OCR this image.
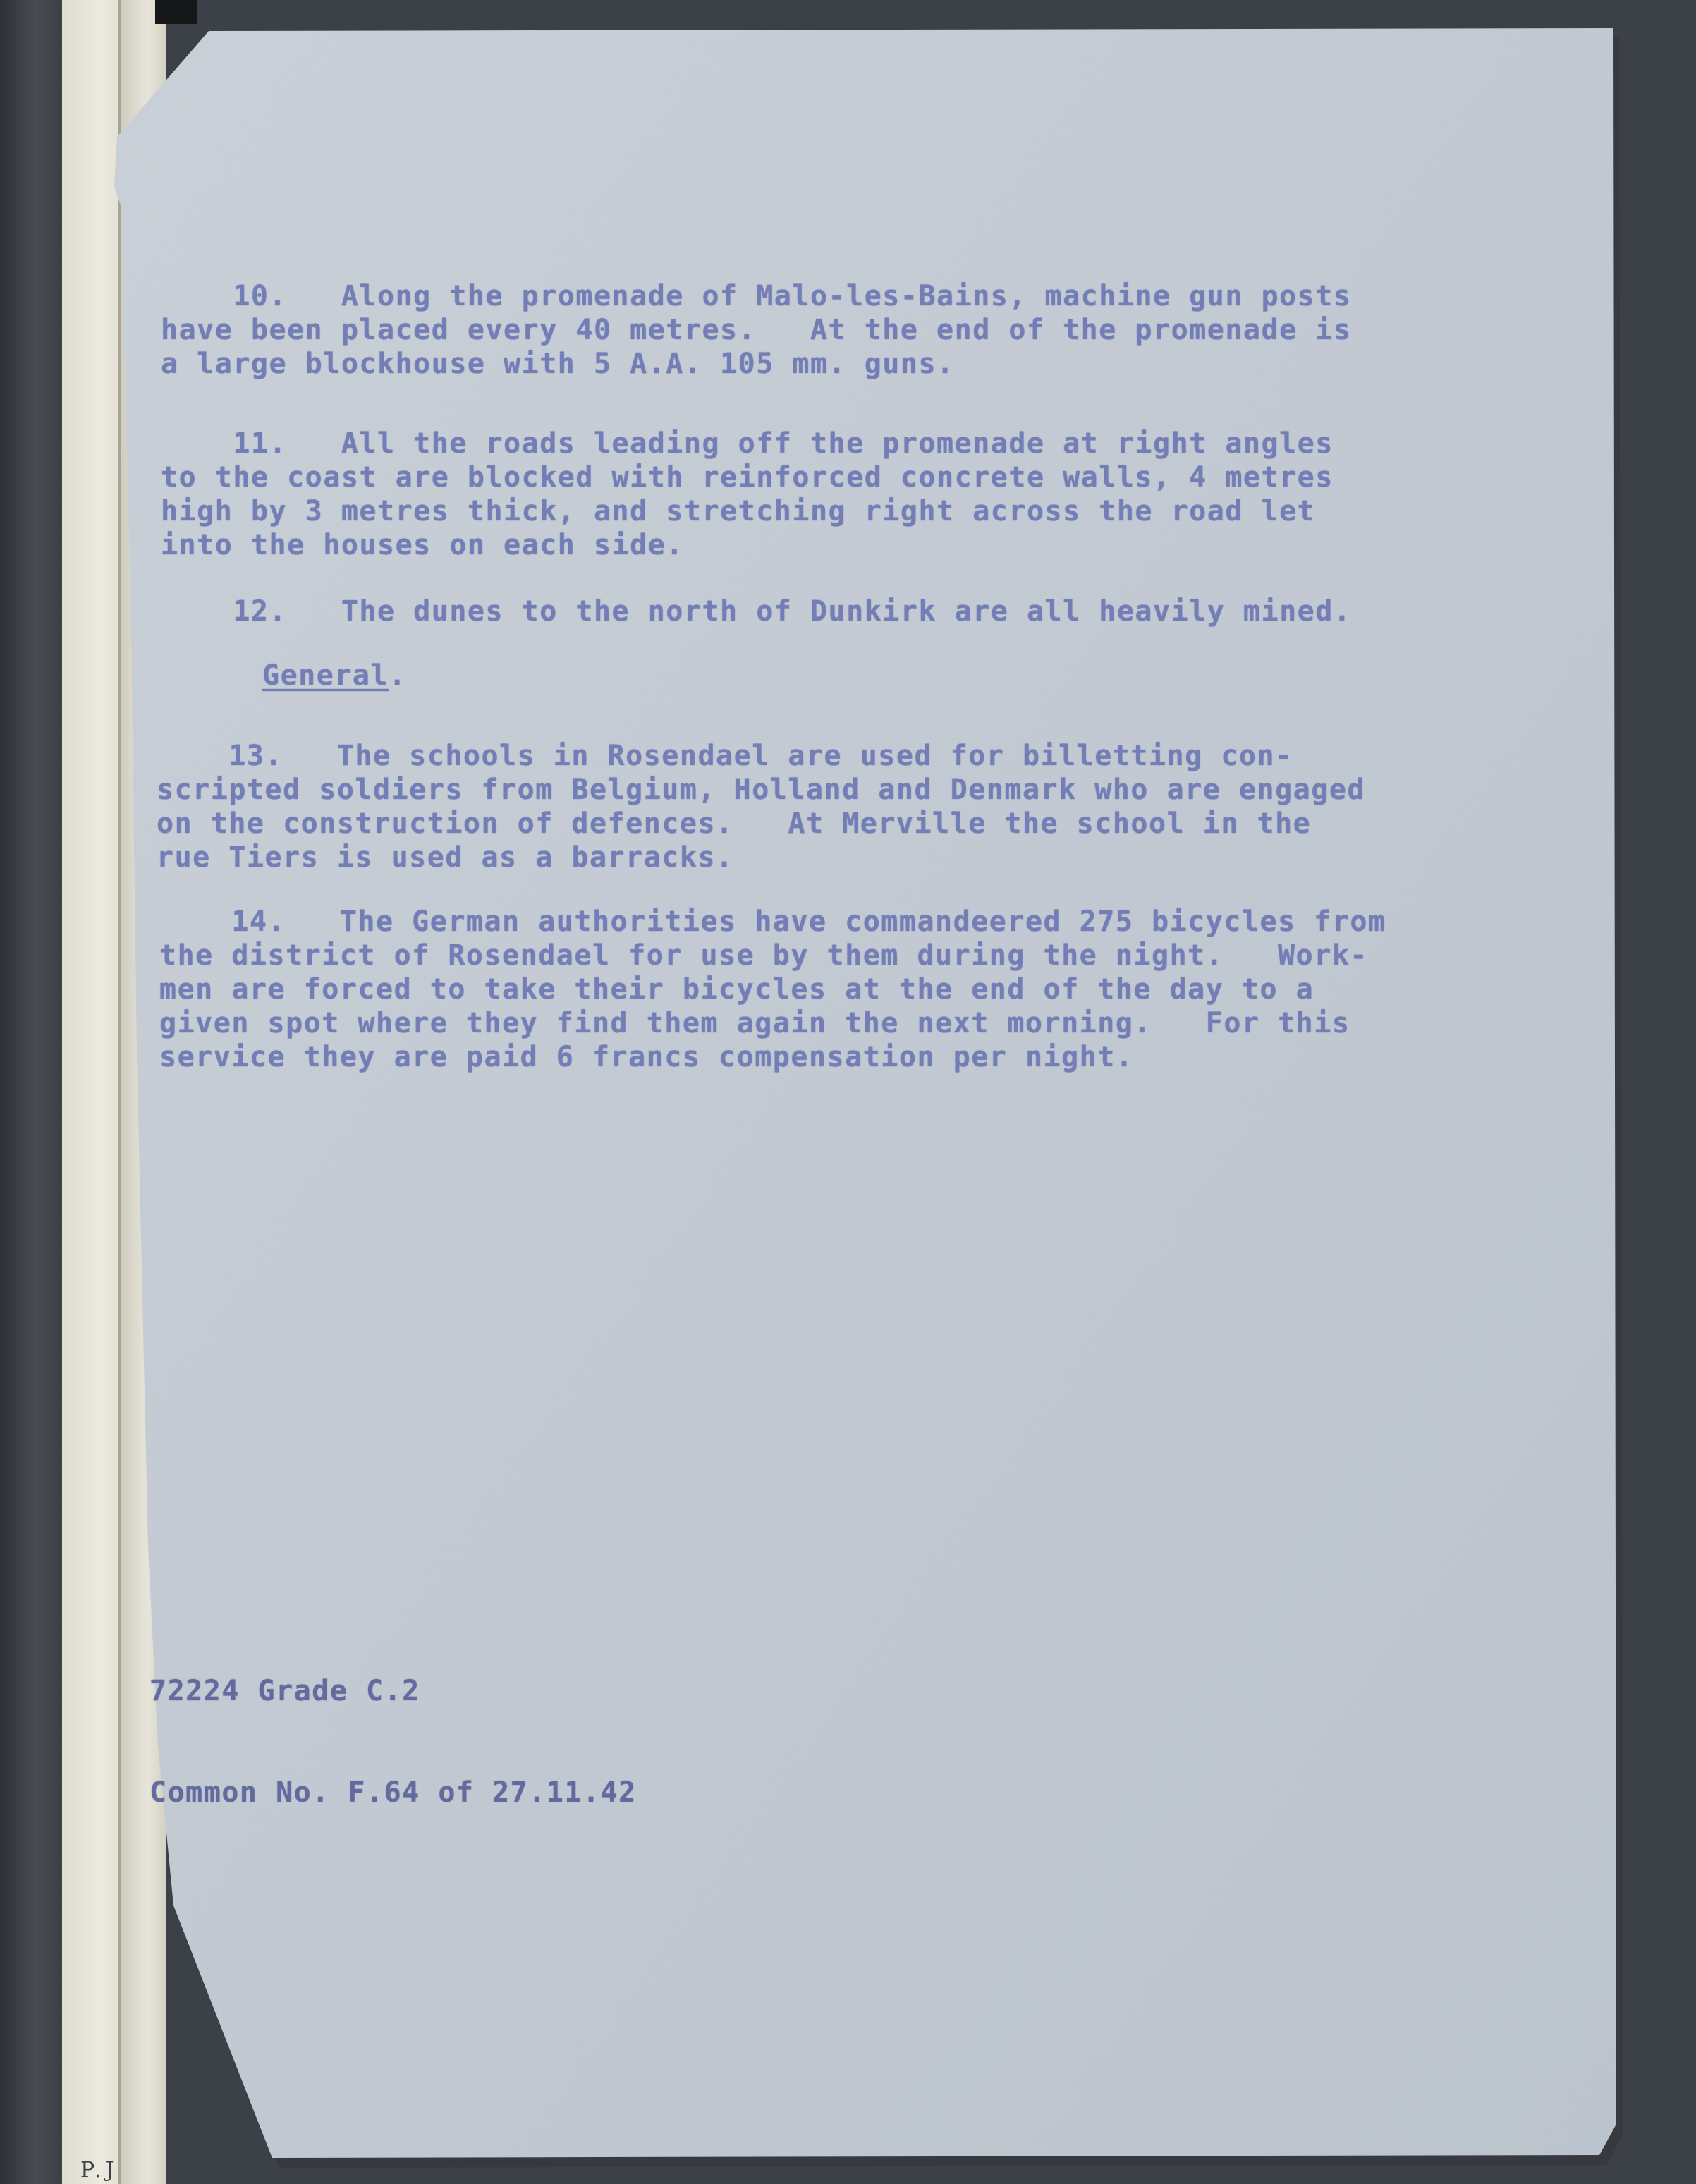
10.   Along the promenade of Malo-les-Bains, machine gun posts
have been placed every 40 metres.   At the end of the promenade is
a large blockhouse with 5 A.A. 105 mm. guns.
11.   All the roads leading off the promenade at right angles
to the coast are blocked with reinforced concrete walls, 4 metres
high by 3 metres thick, and stretching right across the road let
into the houses on each side.
12.   The dunes to the north of Dunkirk are all heavily mined.
General.
13.   The schools in Rosendael are used for billetting con-
scripted soldiers from Belgium, Holland and Denmark who are engaged
on the construction of defences.   At Merville the school in the
rue Tiers is used as a barracks.
14.   The German authorities have commandeered 275 bicycles from
the district of Rosendael for use by them during the night.   Work-
men are forced to take their bicycles at the end of the day to a
given spot where they find them again the next morning.   For this
service they are paid 6 francs compensation per night.

72224 Grade C.2

Common No. F.64 of 27.11.42

P.J
